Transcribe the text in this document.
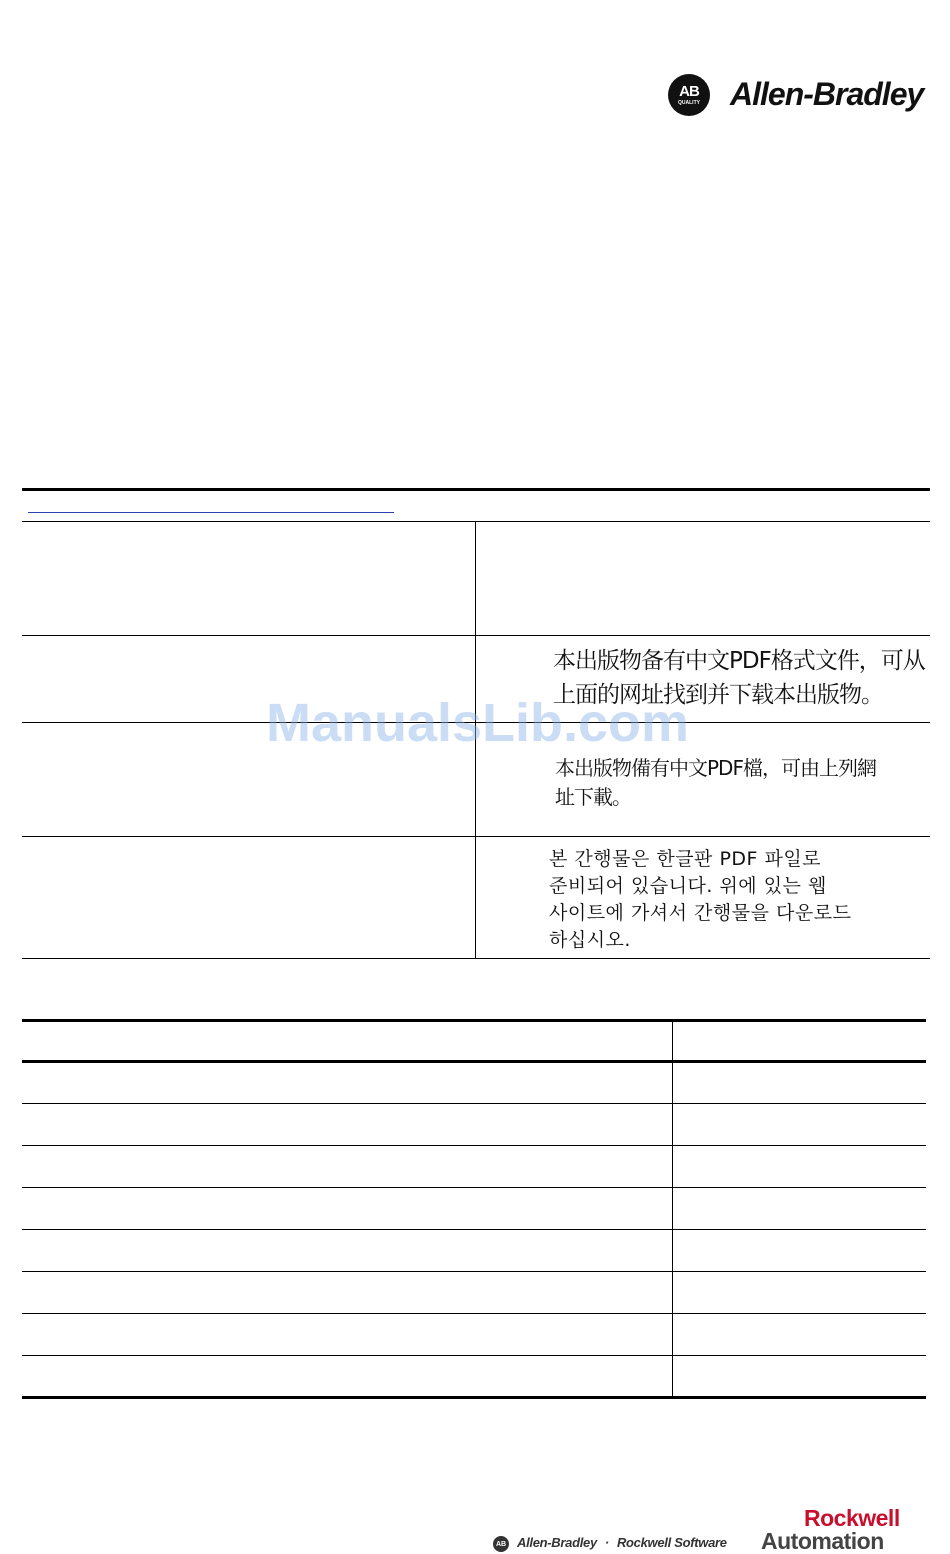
AB
QUALITY Allen-Bradley
本出版物备有中文PDF格式文件，可从
上面的网址找到并下载本出版物。
本出版物備有中文PDF檔，可由上列網
址下載。
본 간행물은 한글판 PDF 파일로
준비되어 있습니다. 위에 있는 웹
사이트에 가셔서 간행물을 다운로드
하십시오.
ManualsLib.com
AB Allen-Bradley · Rockwell Software
Rockwell
Automation
